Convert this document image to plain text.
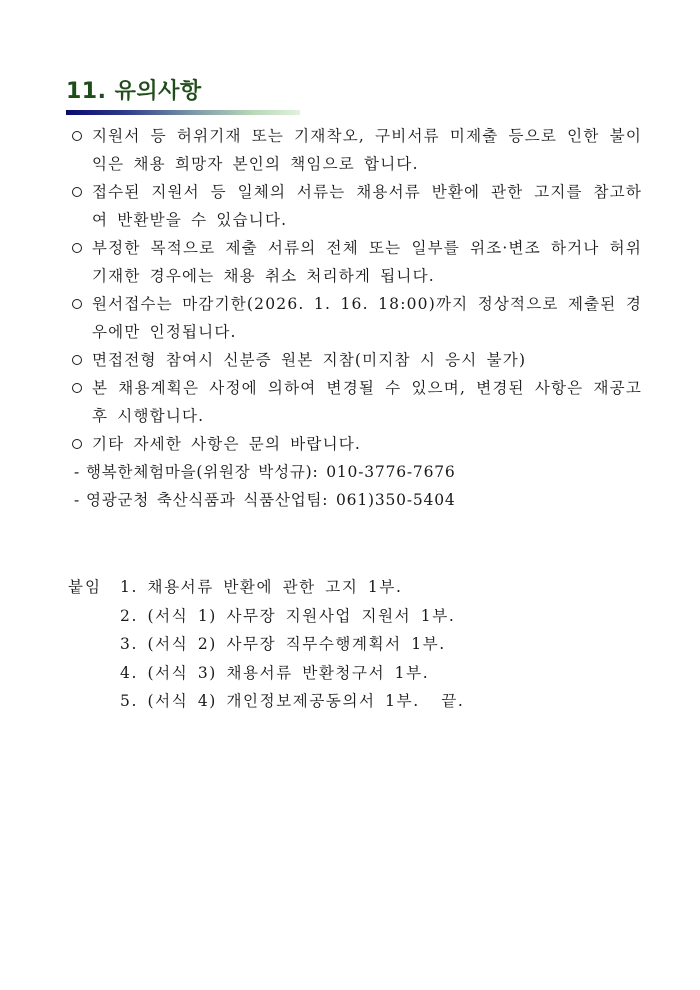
11. 유의사항
지원서 등 허위기재 또는 기재착오, 구비서류 미제출 등으로 인한 불이익은 채용 희망자 본인의 책임으로 합니다.
접수된 지원서 등 일체의 서류는 채용서류 반환에 관한 고지를 참고하여 반환받을 수 있습니다.
부정한 목적으로 제출 서류의 전체 또는 일부를 위조·변조 하거나 허위기재한 경우에는 채용 취소 처리하게 됩니다.
원서접수는 마감기한(2026. 1. 16. 18:00)까지 정상적으로 제출된 경우에만 인정됩니다.
면접전형 참여시 신분증 원본 지참(미지참 시 응시 불가)
본 채용계획은 사정에 의하여 변경될 수 있으며, 변경된 사항은 재공고 후 시행합니다.
기타 자세한 사항은 문의 바랍니다.
- 행복한체험마을(위원장 박성규): 010-3776-7676
- 영광군청 축산식품과 식품산업팀: 061)350-5404
붙임 1. 채용서류 반환에 관한 고지 1부.
2. (서식 1) 사무장 지원사업 지원서 1부.
3. (서식 2) 사무장 직무수행계획서 1부.
4. (서식 3) 채용서류 반환청구서 1부.
5. (서식 4) 개인정보제공동의서 1부. 끝.
